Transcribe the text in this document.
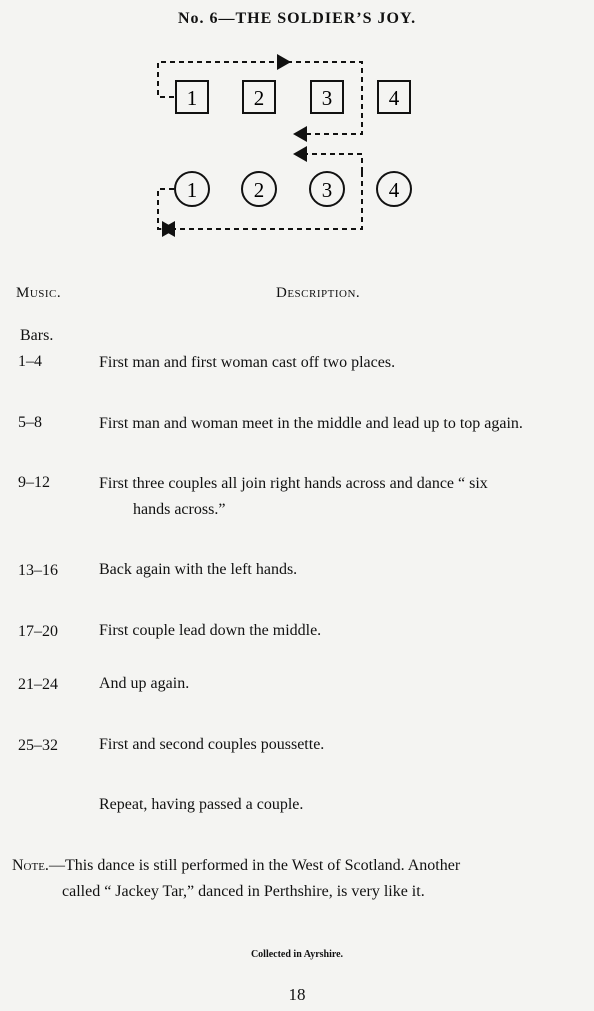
No. 6—THE SOLDIER’S JOY.
1	2	3	4
1	2	3	4
Music.	Description.
Bars.
1–4	First man and first woman cast off two places.
5–8	First man and woman meet in the middle and lead up to top again.
9–12	First three couples all join right hands across and dance “ six
hands across.”
13–16	Back again with the left hands.
17–20	First couple lead down the middle.
21–24	And up again.
25–32	First and second couples poussette.
Repeat, having passed a couple.
Note.—This dance is still performed in the West of Scotland. Another
called “ Jackey Tar,” danced in Perthshire, is very like it.
Collected in Ayrshire.
18
